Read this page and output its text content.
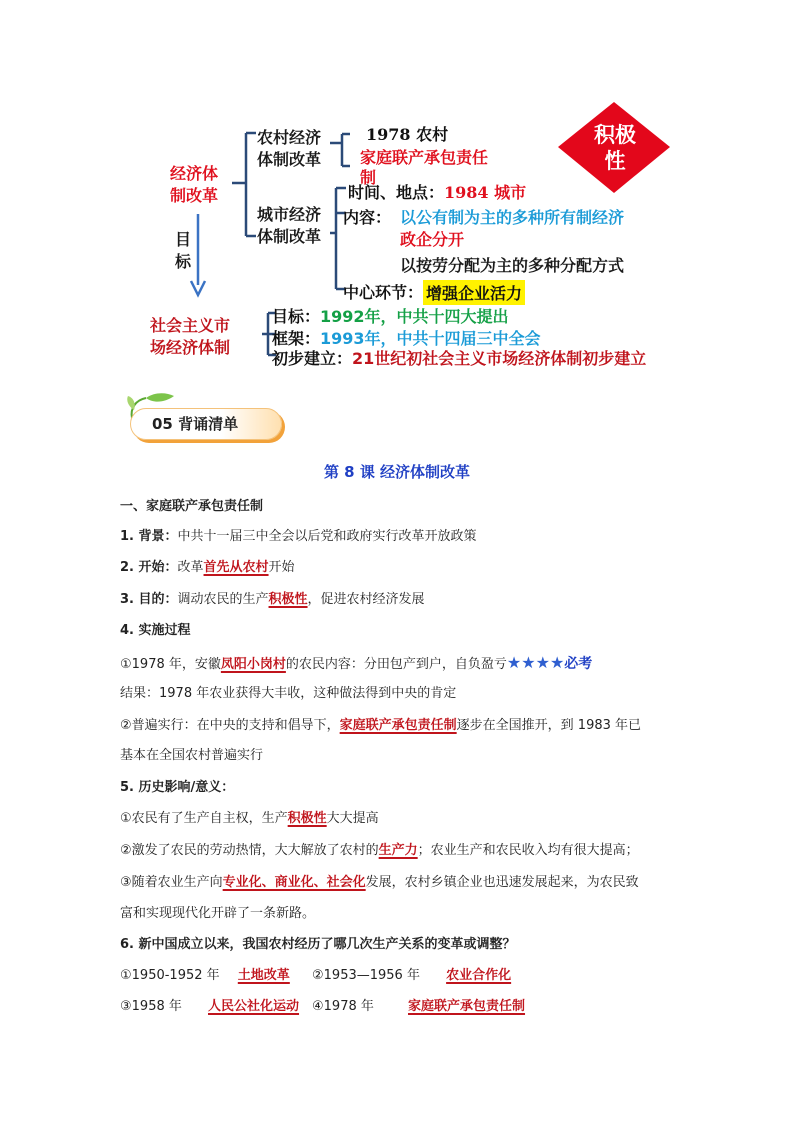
经济体
制改革
目
标
农村经济
体制改革
1978 农村
家庭联产承包责任
制
城市经济
体制改革
时间、地点：1984 城市
内容： 以公有制为主的多种所有制经济
政企分开
以按劳分配为主的多种分配方式
中心环节： 增强企业活力
积极
性
社会主义市
场经济体制
目标：1992年，中共十四大提出
框架：1993年，中共十四届三中全会
初步建立：21世纪初社会主义市场经济体制初步建立
05 背诵清单
第 8 课 经济体制改革
一、家庭联产承包责任制
1. 背景：中共十一届三中全会以后党和政府实行改革开放政策
2. 开始：改革首先从农村开始
3. 目的：调动农民的生产积极性，促进农村经济发展
4. 实施过程
①1978 年，安徽凤阳小岗村的农民内容：分田包产到户，自负盈亏★★★★必考
结果：1978 年农业获得大丰收，这种做法得到中央的肯定
②普遍实行：在中央的支持和倡导下，家庭联产承包责任制逐步在全国推开，到 1983 年已
基本在全国农村普遍实行
5. 历史影响/意义：
①农民有了生产自主权，生产积极性大大提高
②激发了农民的劳动热情，大大解放了农村的生产力；农业生产和农民收入均有很大提高；
③随着农业生产向专业化、商业化、社会化发展，农村乡镇企业也迅速发展起来，为农民致
富和实现现代化开辟了一条新路。
6. 新中国成立以来，我国农村经历了哪几次生产关系的变革或调整？
①1950-1952 年 土地改革 ②1953—1956 年 农业合作化
③1958 年 人民公社化运动 ④1978 年	家庭联产承包责任制
